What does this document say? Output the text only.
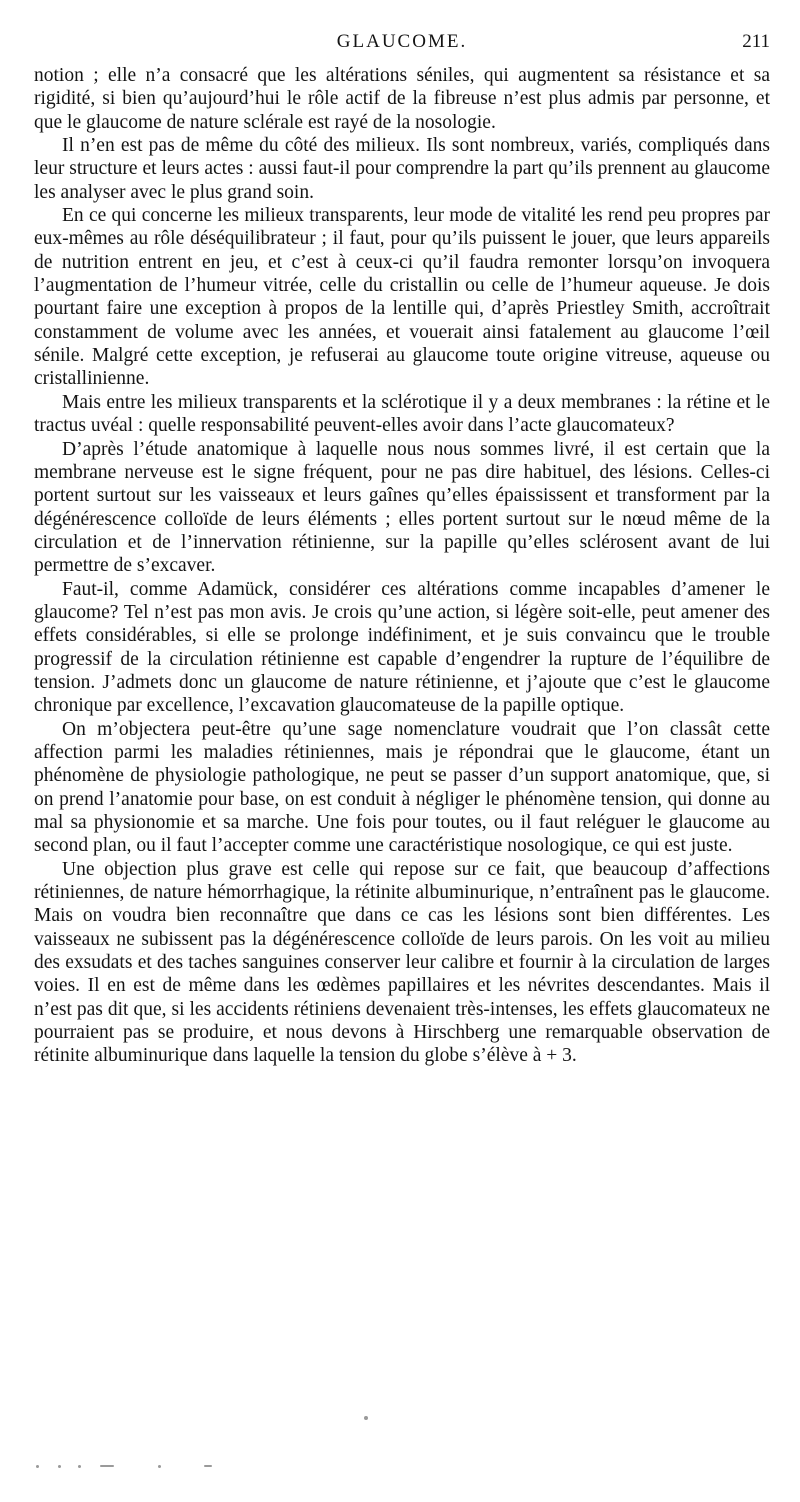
GLAUCOME.	211

notion ; elle n’a consacré que les altérations séniles, qui augmentent sa résistance et sa rigidité, si bien qu’aujourd’hui le rôle actif de la fibreuse n’est plus admis par personne, et que le glaucome de nature sclérale est rayé de la nosologie.

Il n’en est pas de même du côté des milieux. Ils sont nombreux, variés, compliqués dans leur structure et leurs actes : aussi faut-il pour comprendre la part qu’ils prennent au glaucome les analyser avec le plus grand soin.

En ce qui concerne les milieux transparents, leur mode de vitalité les rend peu propres par eux-mêmes au rôle déséquilibrateur ; il faut, pour qu’ils puissent le jouer, que leurs appareils de nutrition entrent en jeu, et c’est à ceux-ci qu’il faudra remonter lorsqu’on invoquera l’augmentation de l’humeur vitrée, celle du cristallin ou celle de l’humeur aqueuse. Je dois pourtant faire une exception à propos de la lentille qui, d’après Priestley Smith, accroîtrait constamment de volume avec les années, et vouerait ainsi fatalement au glaucome l’œil sénile. Malgré cette exception, je refuserai au glaucome toute origine vitreuse, aqueuse ou cristallinienne.

Mais entre les milieux transparents et la sclérotique il y a deux membranes : la rétine et le tractus uvéal : quelle responsabilité peuvent-elles avoir dans l’acte glaucomateux?

D’après l’étude anatomique à laquelle nous nous sommes livré, il est certain que la membrane nerveuse est le signe fréquent, pour ne pas dire habituel, des lésions. Celles-ci portent surtout sur les vaisseaux et leurs gaînes qu’elles épaississent et transforment par la dégénérescence colloïde de leurs éléments ; elles portent surtout sur le nœud même de la circulation et de l’innervation rétinienne, sur la papille qu’elles sclérosent avant de lui permettre de s’excaver.

Faut-il, comme Adamück, considérer ces altérations comme incapables d’amener le glaucome? Tel n’est pas mon avis. Je crois qu’une action, si légère soit-elle, peut amener des effets considérables, si elle se prolonge indéfiniment, et je suis convaincu que le trouble progressif de la circulation rétinienne est capable d’engendrer la rupture de l’équilibre de tension. J’admets donc un glaucome de nature rétinienne, et j’ajoute que c’est le glaucome chronique par excellence, l’excavation glaucomateuse de la papille optique.

On m’objectera peut-être qu’une sage nomenclature voudrait que l’on classât cette affection parmi les maladies rétiniennes, mais je répondrai que le glaucome, étant un phénomène de physiologie pathologique, ne peut se passer d’un support anatomique, que, si on prend l’anatomie pour base, on est conduit à négliger le phénomène tension, qui donne au mal sa physionomie et sa marche. Une fois pour toutes, ou il faut reléguer le glaucome au second plan, ou il faut l’accepter comme une caractéristique nosologique, ce qui est juste.

Une objection plus grave est celle qui repose sur ce fait, que beaucoup d’affections rétiniennes, de nature hémorrhagique, la rétinite albuminurique, n’entraînent pas le glaucome. Mais on voudra bien reconnaître que dans ce cas les lésions sont bien différentes. Les vaisseaux ne subissent pas la dégénérescence colloïde de leurs parois. On les voit au milieu des exsudats et des taches sanguines conserver leur calibre et fournir à la circulation de larges voies. Il en est de même dans les œdèmes papillaires et les névrites descendantes. Mais il n’est pas dit que, si les accidents rétiniens devenaient très-intenses, les effets glaucomateux ne pourraient pas se produire, et nous devons à Hirschberg une remarquable observation de rétinite albuminurique dans laquelle la tension du globe s’élève à + 3.
